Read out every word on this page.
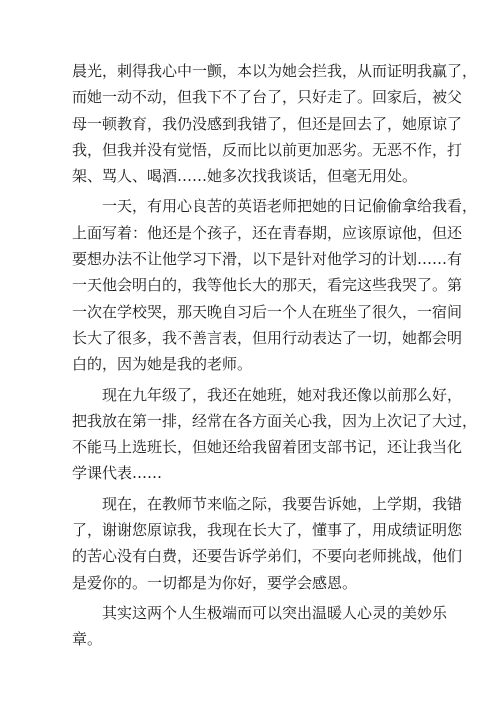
晨光，刺得我心中一颤，本以为她会拦我，从而证明我赢了，
而她一动不动，但我下不了台了，只好走了。回家后，被父
母一顿教育，我仍没感到我错了，但还是回去了，她原谅了
我，但我并没有觉悟，反而比以前更加恶劣。无恶不作，打
架、骂人、喝酒……她多次找我谈话，但毫无用处。
一天，有用心良苦的英语老师把她的日记偷偷拿给我看，
上面写着：他还是个孩子，还在青春期，应该原谅他，但还
要想办法不让他学习下滑，以下是针对他学习的计划……有
一天他会明白的，我等他长大的那天，看完这些我哭了。第
一次在学校哭，那天晚自习后一个人在班坐了很久，一宿间
长大了很多，我不善言表，但用行动表达了一切，她都会明
白的，因为她是我的老师。
现在九年级了，我还在她班，她对我还像以前那么好，
把我放在第一排，经常在各方面关心我，因为上次记了大过，
不能马上选班长，但她还给我留着团支部书记，还让我当化
学课代表……
现在，在教师节来临之际，我要告诉她，上学期，我错
了，谢谢您原谅我，我现在长大了，懂事了，用成绩证明您
的苦心没有白费，还要告诉学弟们，不要向老师挑战，他们
是爱你的。一切都是为你好，要学会感恩。
其实这两个人生极端而可以突出温暖人心灵的美妙乐
章。
